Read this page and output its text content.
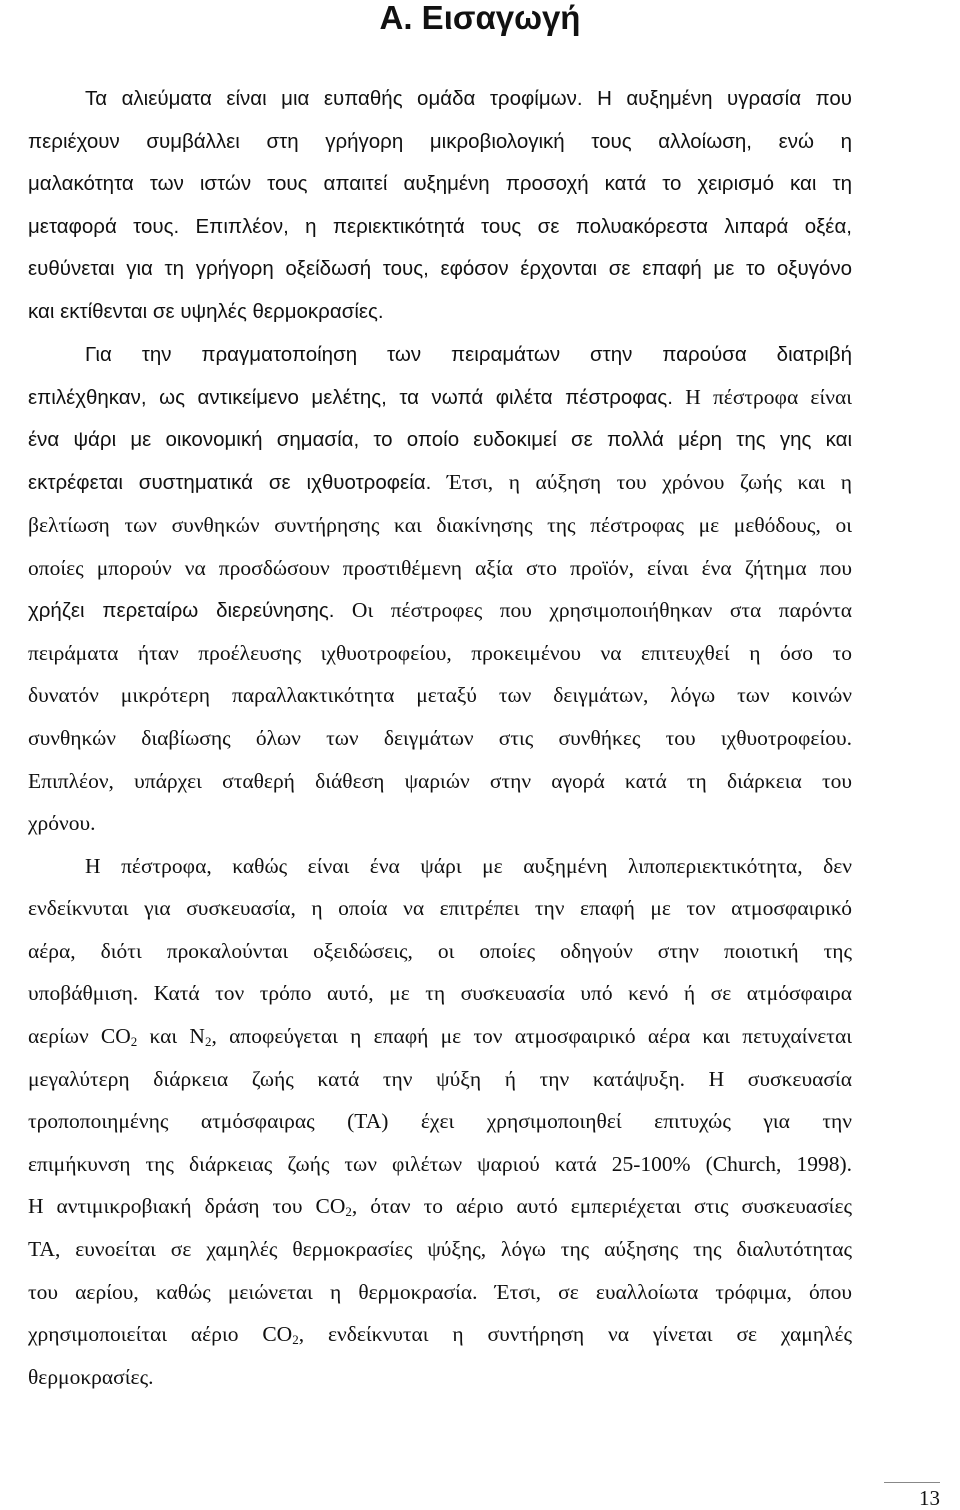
Α. Εισαγωγή
Τα αλιεύματα είναι μια ευπαθής ομάδα τροφίμων. Η αυξημένη υγρασία που
περιέχουν συμβάλλει στη γρήγορη μικροβιολογική τους αλλοίωση, ενώ η
μαλακότητα των ιστών τους απαιτεί αυξημένη προσοχή κατά το χειρισμό και τη
μεταφορά τους. Επιπλέον, η περιεκτικότητά τους σε πολυακόρεστα λιπαρά οξέα,
ευθύνεται για τη γρήγορη οξείδωσή τους, εφόσον έρχονται σε επαφή με το οξυγόνο
και εκτίθενται σε υψηλές θερμοκρασίες.
Για την πραγματοποίηση των πειραμάτων στην παρούσα διατριβή
επιλέχθηκαν, ως αντικείμενο μελέτης, τα νωπά φιλέτα πέστροφας. Η πέστροφα είναι
ένα ψάρι με οικονομική σημασία, το οποίο ευδοκιμεί σε πολλά μέρη της γης και
εκτρέφεται συστηματικά σε ιχθυοτροφεία. Έτσι, η αύξηση του χρόνου ζωής και η
βελτίωση των συνθηκών συντήρησης και διακίνησης της πέστροφας με μεθόδους, οι
οποίες μπορούν να προσδώσουν προστιθέμενη αξία στο προϊόν, είναι ένα ζήτημα που
χρήζει περεταίρω διερεύνησης. Οι πέστροφες που χρησιμοποιήθηκαν στα παρόντα
πειράματα ήταν προέλευσης ιχθυοτροφείου, προκειμένου να επιτευχθεί η όσο το
δυνατόν μικρότερη παραλλακτικότητα μεταξύ των δειγμάτων, λόγω των κοινών
συνθηκών διαβίωσης όλων των δειγμάτων στις συνθήκες του ιχθυοτροφείου.
Επιπλέον, υπάρχει σταθερή διάθεση ψαριών στην αγορά κατά τη διάρκεια του
χρόνου.
Η πέστροφα, καθώς είναι ένα ψάρι με αυξημένη λιποπεριεκτικότητα, δεν
ενδείκνυται για συσκευασία, η οποία να επιτρέπει την επαφή με τον ατμοσφαιρικό
αέρα, διότι προκαλούνται οξειδώσεις, οι οποίες οδηγούν στην ποιοτική της
υποβάθμιση. Κατά τον τρόπο αυτό, με τη συσκευασία υπό κενό ή σε ατμόσφαιρα
αερίων $CO_2$ και $N_2$, αποφεύγεται η επαφή με τον ατμοσφαιρικό αέρα και πετυχαίνεται
μεγαλύτερη διάρκεια ζωής κατά την ψύξη ή την κατάψυξη. Η συσκευασία
τροποποιημένης ατμόσφαιρας (ΤΑ) έχει χρησιμοποιηθεί επιτυχώς για την
επιμήκυνση της διάρκειας ζωής των φιλέτων ψαριού κατά 25-100% (Church, 1998).
Η αντιμικροβιακή δράση του $CO_2$, όταν το αέριο αυτό εμπεριέχεται στις συσκευασίες
ΤΑ, ευνοείται σε χαμηλές θερμοκρασίες ψύξης, λόγω της αύξησης της διαλυτότητας
του αερίου, καθώς μειώνεται η θερμοκρασία. Έτσι, σε ευαλλοίωτα τρόφιμα, όπου
χρησιμοποιείται αέριο $CO_2$, ενδείκνυται η συντήρηση να γίνεται σε χαμηλές
θερμοκρασίες.
13
